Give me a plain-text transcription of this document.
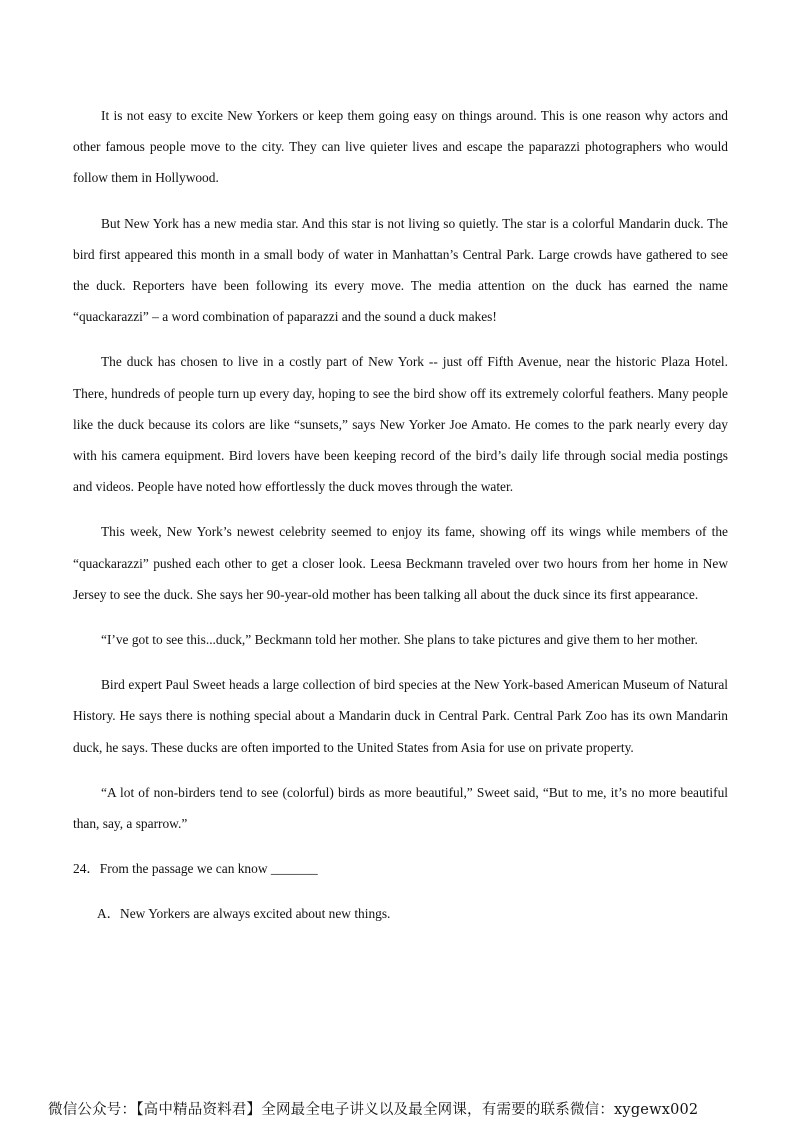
It is not easy to excite New Yorkers or keep them going easy on things around. This is one reason why actors and other famous people move to the city. They can live quieter lives and escape the paparazzi photographers who would follow them in Hollywood.

But New York has a new media star. And this star is not living so quietly. The star is a colorful Mandarin duck. The bird first appeared this month in a small body of water in Manhattan’s Central Park. Large crowds have gathered to see the duck. Reporters have been following its every move. The media attention on the duck has earned the name “quackarazzi” – a word combination of paparazzi and the sound a duck makes!

The duck has chosen to live in a costly part of New York -- just off Fifth Avenue, near the historic Plaza Hotel. There, hundreds of people turn up every day, hoping to see the bird show off its extremely colorful feathers. Many people like the duck because its colors are like “sunsets,” says New Yorker Joe Amato. He comes to the park nearly every day with his camera equipment. Bird lovers have been keeping record of the bird’s daily life through social media postings and videos. People have noted how effortlessly the duck moves through the water.

This week, New York’s newest celebrity seemed to enjoy its fame, showing off its wings while members of the “quackarazzi” pushed each other to get a closer look. Leesa Beckmann traveled over two hours from her home in New Jersey to see the duck. She says her 90-year-old mother has been talking all about the duck since its first appearance.

“I’ve got to see this...duck,” Beckmann told her mother. She plans to take pictures and give them to her mother.

Bird expert Paul Sweet heads a large collection of bird species at the New York-based American Museum of Natural History. He says there is nothing special about a Mandarin duck in Central Park. Central Park Zoo has its own Mandarin duck, he says. These ducks are often imported to the United States from Asia for use on private property.

“A lot of non-birders tend to see (colorful) birds as more beautiful,” Sweet said, “But to me, it’s no more beautiful than, say, a sparrow.”

24．From the passage we can know _______

A．New Yorkers are always excited about new things.

微信公众号：【高中精品资料君】全网最全电子讲义以及最全网课，有需要的联系微信：xygewx002
